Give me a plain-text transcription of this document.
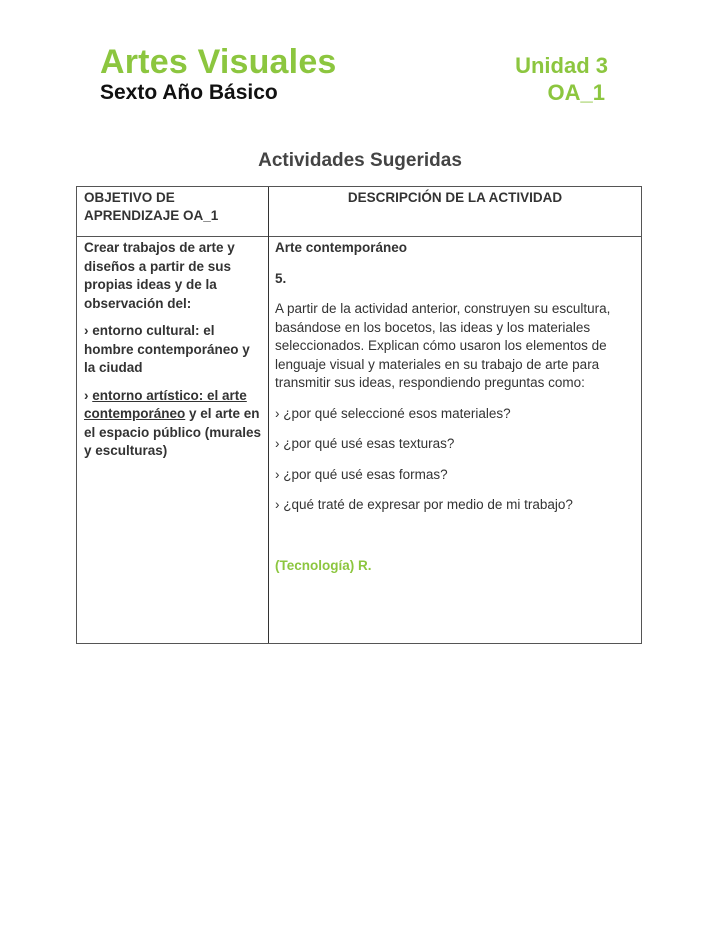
Artes Visuales
Sexto Año Básico
Unidad 3
OA_1
Actividades Sugeridas
OBJETIVO DE APRENDIZAJE OA_1
DESCRIPCIÓN DE LA ACTIVIDAD

Crear trabajos de arte y diseños a partir de sus propias ideas y de la observación del:

› entorno cultural: el hombre contemporáneo y la ciudad

› entorno artístico: el arte contemporáneo y el arte en el espacio público (murales y esculturas)

Arte contemporáneo

5.

A partir de la actividad anterior, construyen su escultura, basándose en los bocetos, las ideas y los materiales seleccionados. Explican cómo usaron los elementos de lenguaje visual y materiales en su trabajo de arte para transmitir sus ideas, respondiendo preguntas como:

› ¿por qué seleccioné esos materiales?

› ¿por qué usé esas texturas?

› ¿por qué usé esas formas?

› ¿qué traté de expresar por medio de mi trabajo?

(Tecnología) R.
